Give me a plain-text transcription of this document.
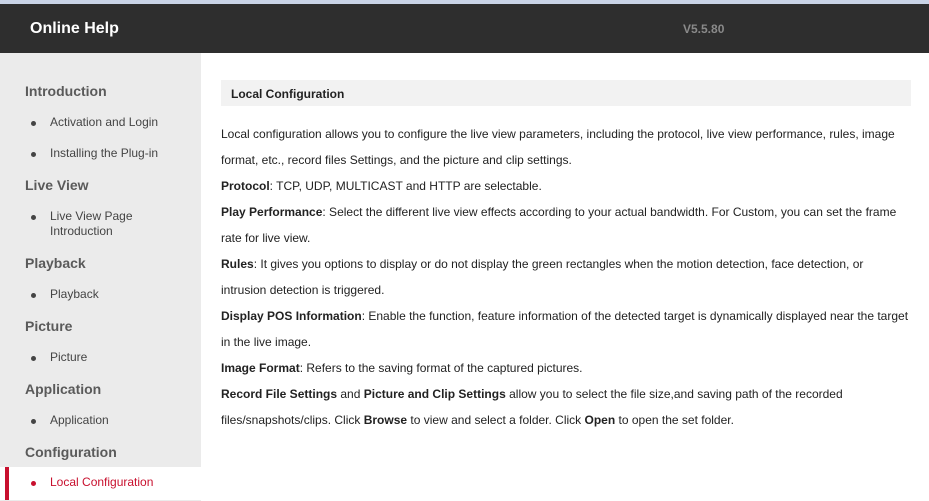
Online Help	V5.5.80
Introduction
Activation and Login
Installing the Plug-in
Live View
Live View Page Introduction
Playback
Playback
Picture
Picture
Application
Application
Configuration
Local Configuration
Local Configuration

Local configuration allows you to configure the live view parameters, including the protocol, live view performance, rules, image format, etc., record files Settings, and the picture and clip settings.

Protocol: TCP, UDP, MULTICAST and HTTP are selectable.

Play Performance: Select the different live view effects according to your actual bandwidth. For Custom, you can set the frame rate for live view.

Rules: It gives you options to display or do not display the green rectangles when the motion detection, face detection, or intrusion detection is triggered.

Display POS Information: Enable the function, feature information of the detected target is dynamically displayed near the target in the live image.

Image Format: Refers to the saving format of the captured pictures.

Record File Settings and Picture and Clip Settings allow you to select the file size,and saving path of the recorded files/snapshots/clips. Click Browse to view and select a folder. Click Open to open the set folder.
